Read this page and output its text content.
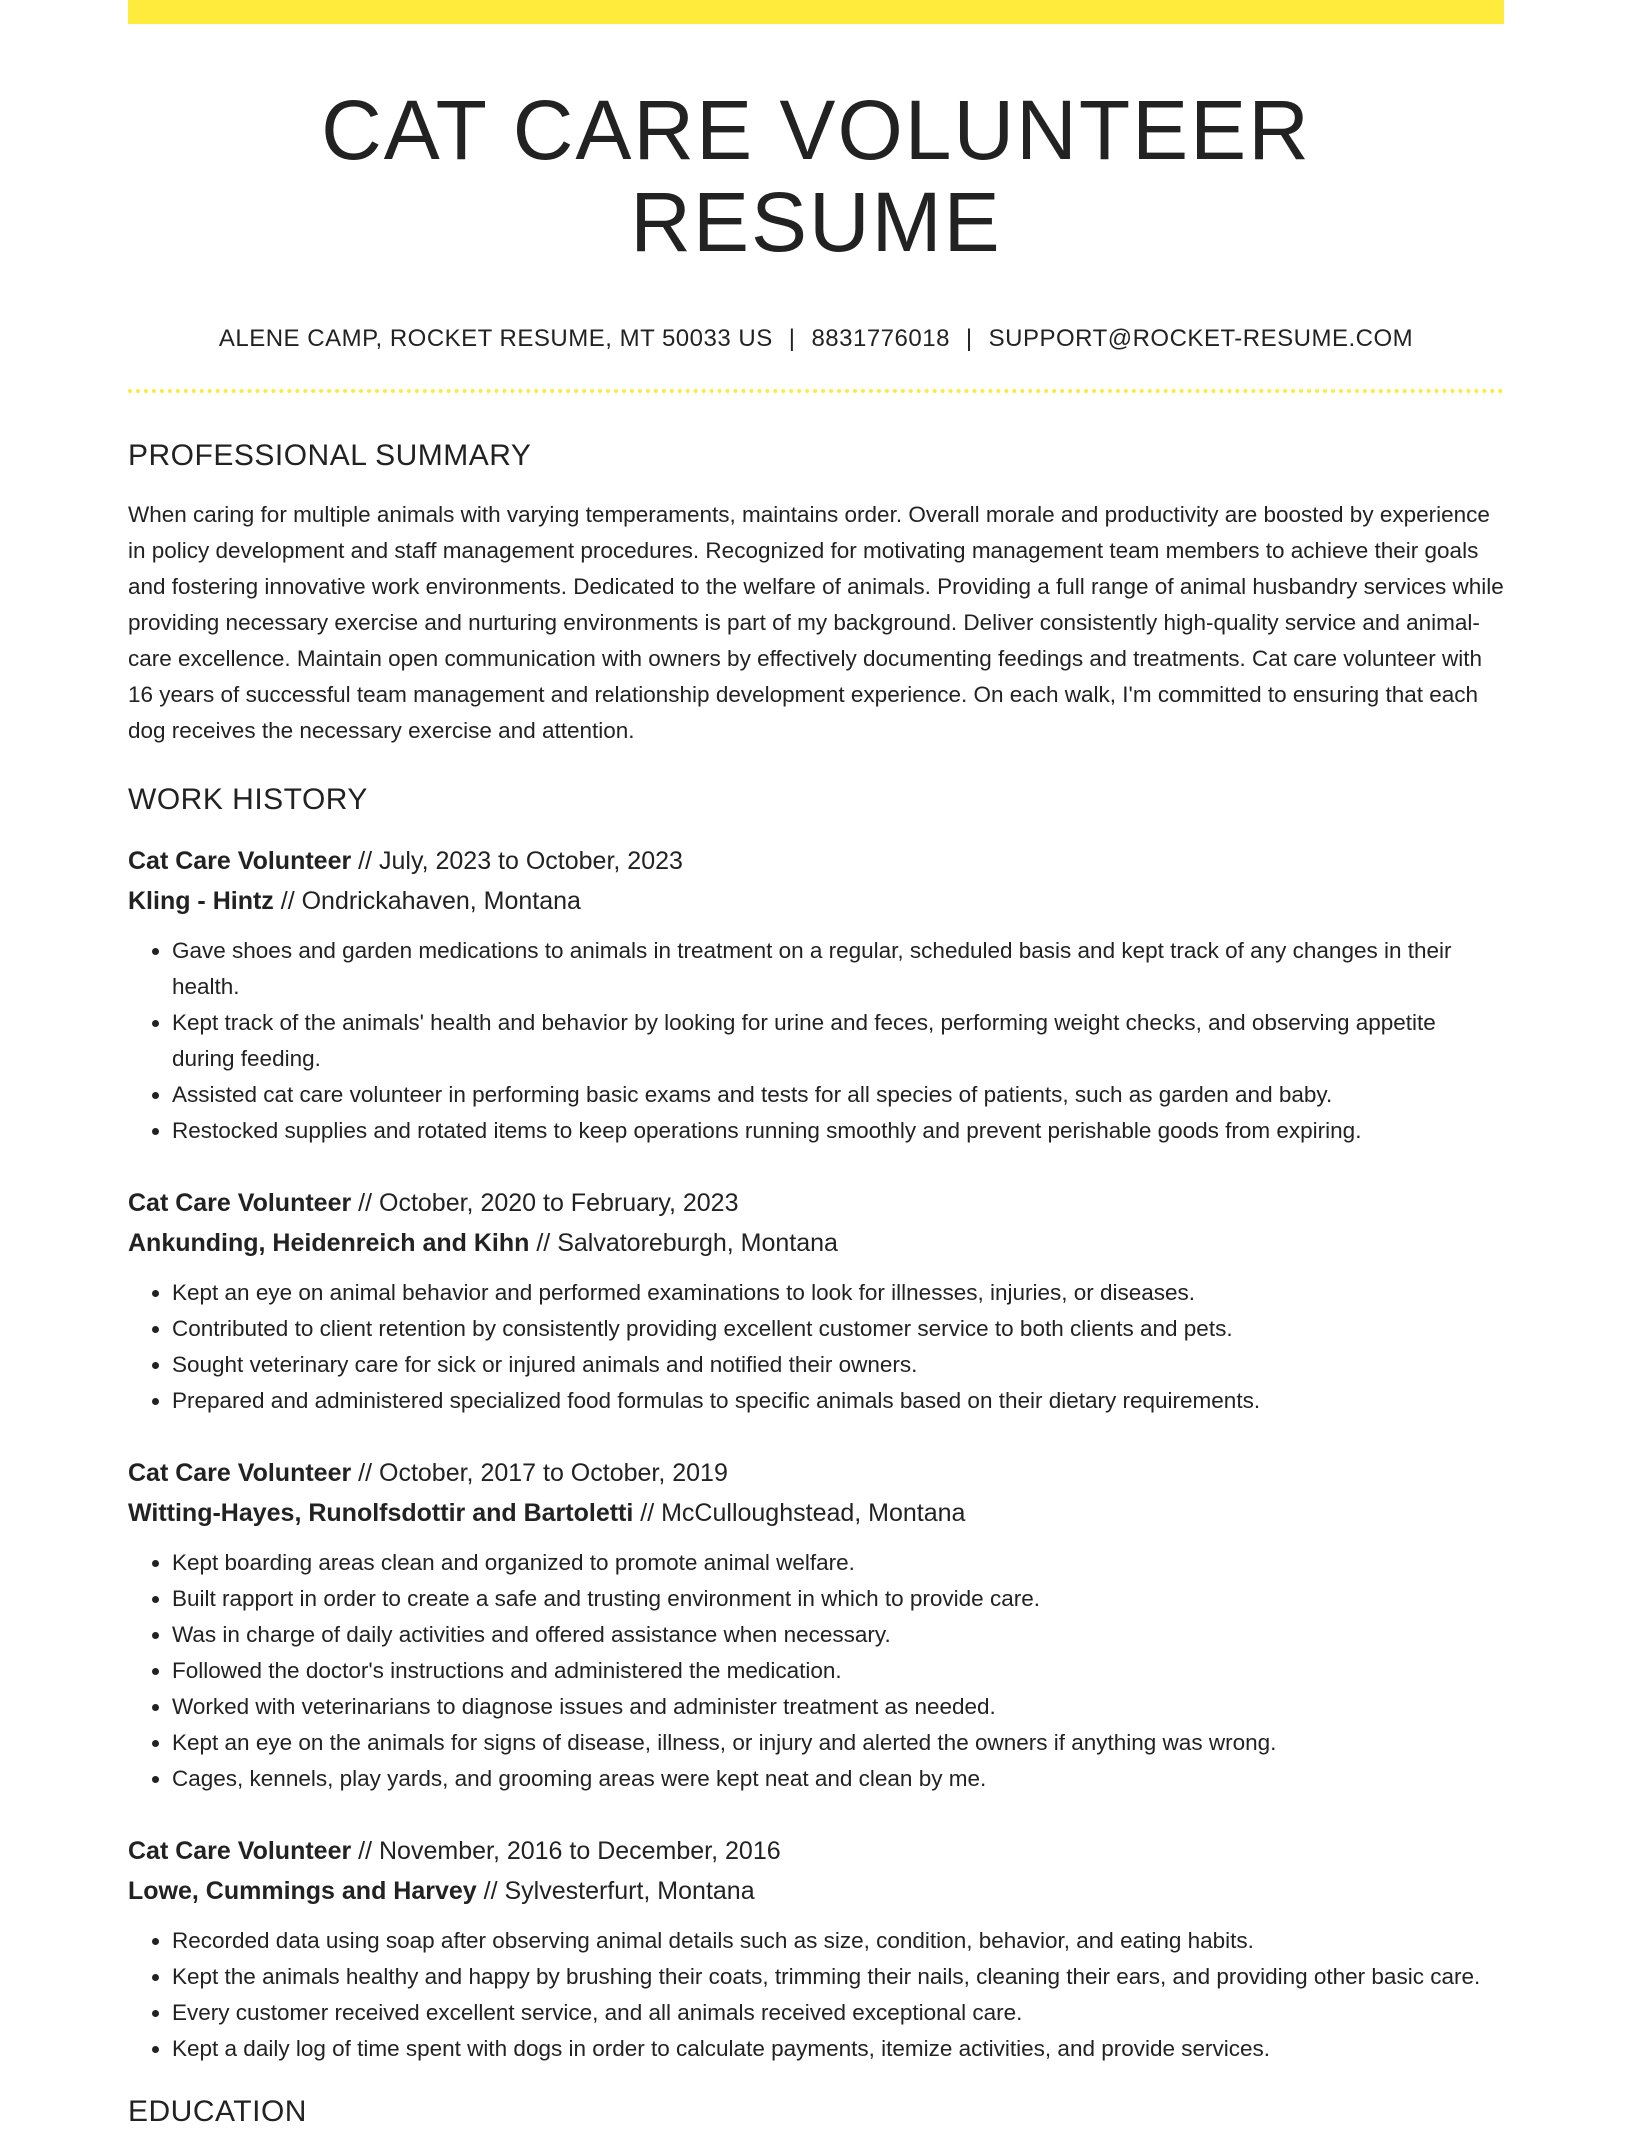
CAT CARE VOLUNTEER RESUME
ALENE CAMP, ROCKET RESUME, MT 50033 US | 8831776018 | SUPPORT@ROCKET-RESUME.COM
PROFESSIONAL SUMMARY

When caring for multiple animals with varying temperaments, maintains order. Overall morale and productivity are boosted by experience in policy development and staff management procedures. Recognized for motivating management team members to achieve their goals and fostering innovative work environments. Dedicated to the welfare of animals. Providing a full range of animal husbandry services while providing necessary exercise and nurturing environments is part of my background. Deliver consistently high-quality service and animal-care excellence. Maintain open communication with owners by effectively documenting feedings and treatments. Cat care volunteer with 16 years of successful team management and relationship development experience. On each walk, I'm committed to ensuring that each dog receives the necessary exercise and attention.

WORK HISTORY
Cat Care Volunteer // July, 2023 to October, 2023
Kling - Hintz // Ondrickahaven, Montana
• Gave shoes and garden medications to animals in treatment on a regular, scheduled basis and kept track of any changes in their health.
• Kept track of the animals' health and behavior by looking for urine and feces, performing weight checks, and observing appetite during feeding.
• Assisted cat care volunteer in performing basic exams and tests for all species of patients, such as garden and baby.
• Restocked supplies and rotated items to keep operations running smoothly and prevent perishable goods from expiring.
Cat Care Volunteer // October, 2020 to February, 2023
Ankunding, Heidenreich and Kihn // Salvatoreburgh, Montana
• Kept an eye on animal behavior and performed examinations to look for illnesses, injuries, or diseases.
• Contributed to client retention by consistently providing excellent customer service to both clients and pets.
• Sought veterinary care for sick or injured animals and notified their owners.
• Prepared and administered specialized food formulas to specific animals based on their dietary requirements.
Cat Care Volunteer // October, 2017 to October, 2019
Witting-Hayes, Runolfsdottir and Bartoletti // McCulloughstead, Montana
• Kept boarding areas clean and organized to promote animal welfare.
• Built rapport in order to create a safe and trusting environment in which to provide care.
• Was in charge of daily activities and offered assistance when necessary.
• Followed the doctor's instructions and administered the medication.
• Worked with veterinarians to diagnose issues and administer treatment as needed.
• Kept an eye on the animals for signs of disease, illness, or injury and alerted the owners if anything was wrong.
• Cages, kennels, play yards, and grooming areas were kept neat and clean by me.
Cat Care Volunteer // November, 2016 to December, 2016
Lowe, Cummings and Harvey // Sylvesterfurt, Montana
• Recorded data using soap after observing animal details such as size, condition, behavior, and eating habits.
• Kept the animals healthy and happy by brushing their coats, trimming their nails, cleaning their ears, and providing other basic care.
• Every customer received excellent service, and all animals received exceptional care.
• Kept a daily log of time spent with dogs in order to calculate payments, itemize activities, and provide services.
EDUCATION
